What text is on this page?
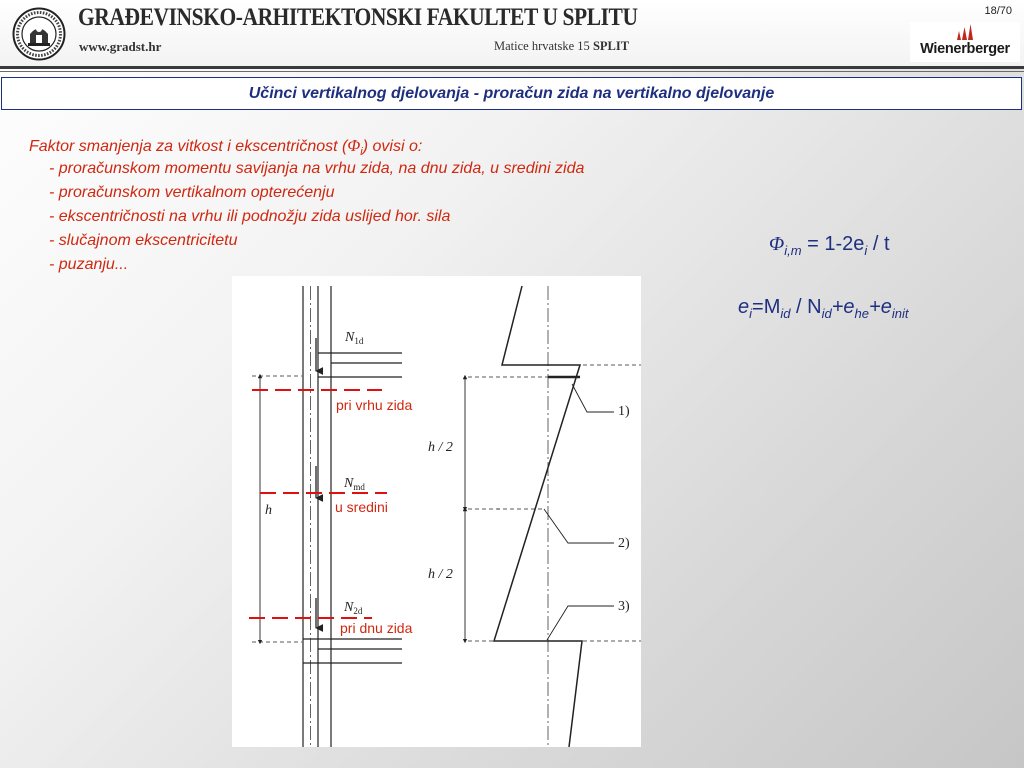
GRAĐEVINSKO-ARHITEKTONSKI FAKULTET U SPLITU
www.gradst.hr	Matice hrvatske 15 SPLIT
18/70
Wienerberger
Učinci vertikalnog djelovanja - proračun zida na vertikalno djelovanje
Faktor smanjenja za vitkost i ekscentričnost $(\Phi_i)$ ovisi o:
- proračunskom momentu savijanja na vrhu zida, na dnu zida, u sredini zida
- proračunskom vertikalnom opterećenju
- ekscentričnosti na vrhu ili podnožju zida uslijed hor. sila
- slučajnom ekscentricitetu
- puzanju...
$\Phi_{i,m} = 1-2e_i / t$
$e_i=M_{id} / N_{id}+e_{he}+e_{init}$
$N_{1d}$
$N_{md}$
$N_{2d}$
h
pri vrhu zida
u sredini
pri dnu zida
h / 2
h / 2
1)
2)
3)
